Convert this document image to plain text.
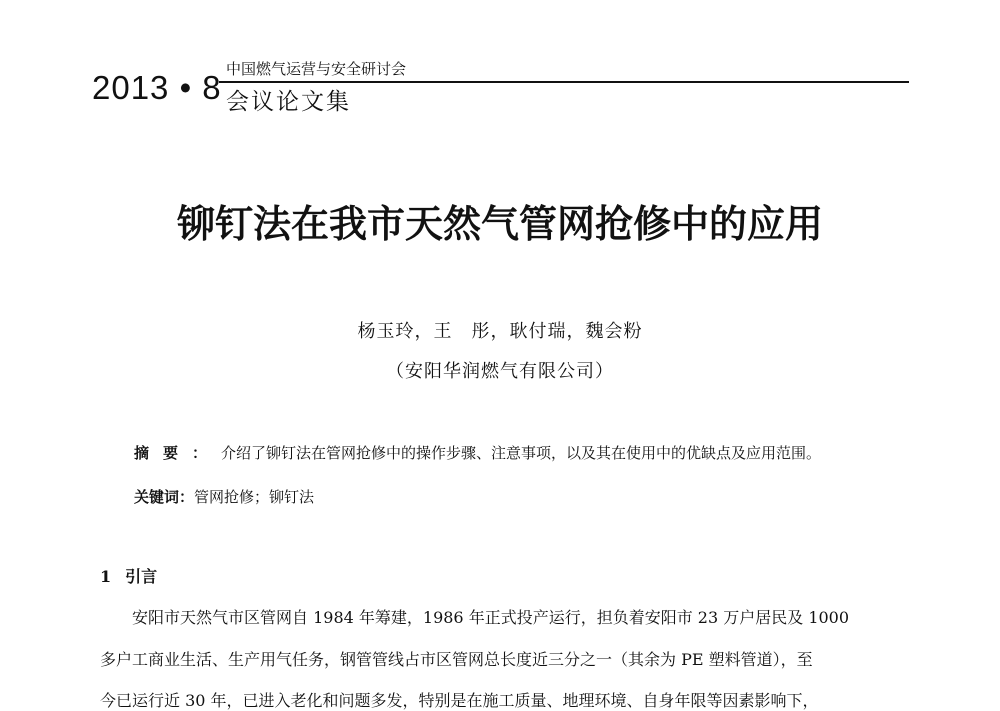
2013 • 8 中国燃气运营与安全研讨会
会议论文集
铆钉法在我市天然气管网抢修中的应用
杨玉玲，王　彤，耿付瑞，魏会粉
（安阳华润燃气有限公司）
摘要：介绍了铆钉法在管网抢修中的操作步骤、注意事项，以及其在使用中的优缺点及应用范围。
关键词：管网抢修；铆钉法
1 引言
安阳市天然气市区管网自 1984 年筹建，1986 年正式投产运行，担负着安阳市 23 万户居民及 1000
多户工商业生活、生产用气任务，钢管管线占市区管网总长度近三分之一（其余为 PE 塑料管道），至
今已运行近 30 年，已进入老化和问题多发，特别是在施工质量、地理环境、自身年限等因素影响下，
